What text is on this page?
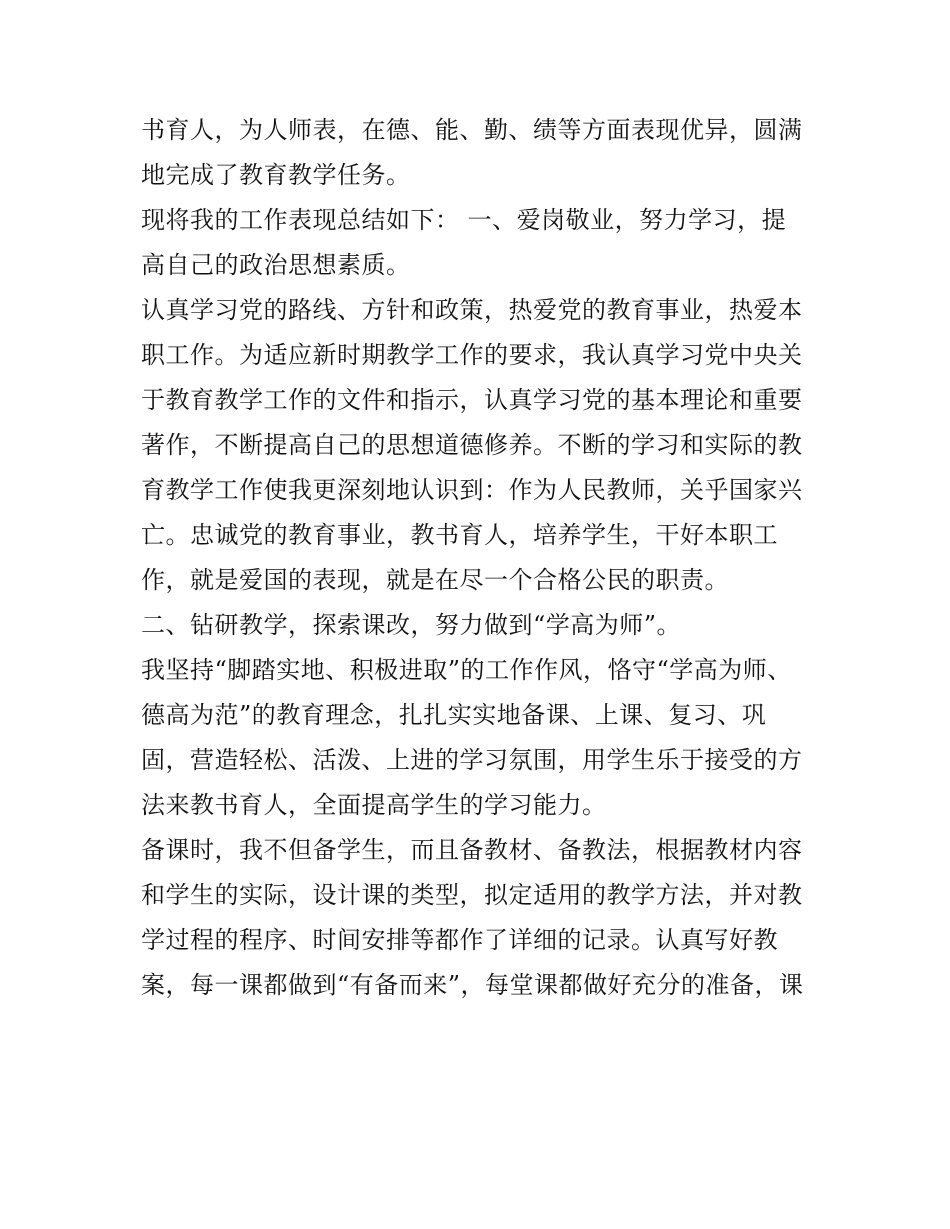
书育人，为人师表，在德、能、勤、绩等方面表现优异，圆满
地完成了教育教学任务。
现将我的工作表现总结如下： 一、爱岗敬业，努力学习，提
高自己的政治思想素质。
认真学习党的路线、方针和政策，热爱党的教育事业，热爱本
职工作。为适应新时期教学工作的要求，我认真学习党中央关
于教育教学工作的文件和指示，认真学习党的基本理论和重要
著作，不断提高自己的思想道德修养。不断的学习和实际的教
育教学工作使我更深刻地认识到：作为人民教师，关乎国家兴
亡。忠诚党的教育事业，教书育人，培养学生，干好本职工
作，就是爱国的表现，就是在尽一个合格公民的职责。
二、钻研教学，探索课改，努力做到“学高为师”。
我坚持“脚踏实地、积极进取”的工作作风，恪守“学高为师、
德高为范”的教育理念，扎扎实实地备课、上课、复习、巩
固，营造轻松、活泼、上进的学习氛围，用学生乐于接受的方
法来教书育人，全面提高学生的学习能力。
备课时，我不但备学生，而且备教材、备教法，根据教材内容
和学生的实际，设计课的类型，拟定适用的教学方法，并对教
学过程的程序、时间安排等都作了详细的记录。认真写好教
案，每一课都做到“有备而来”，每堂课都做好充分的准备，课
